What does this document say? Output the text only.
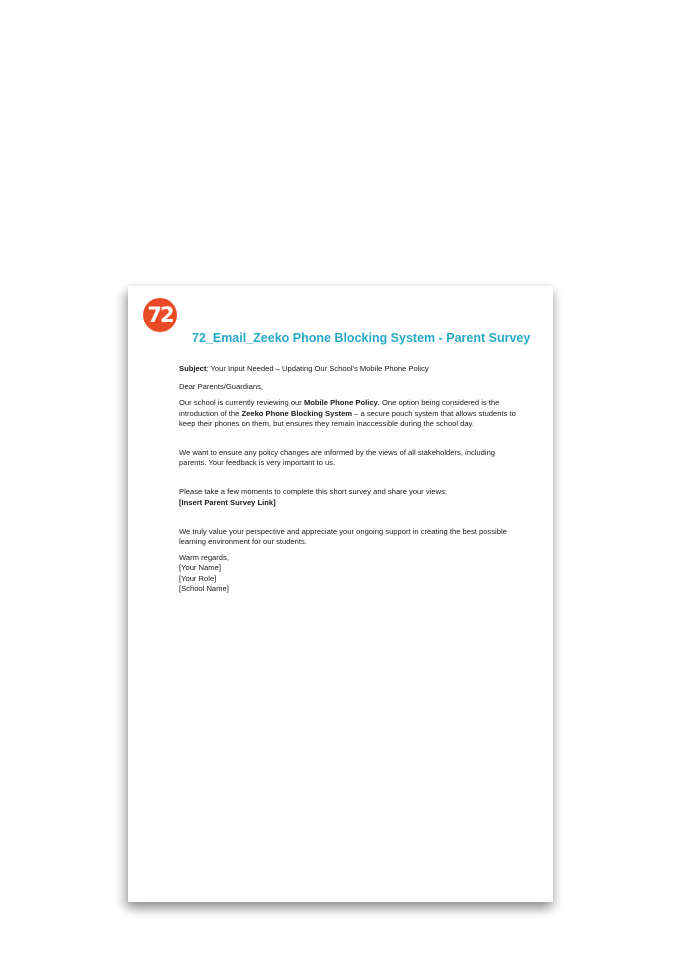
72
72_Email_Zeeko Phone Blocking System - Parent Survey

Subject: Your Input Needed – Updating Our School's Mobile Phone Policy

Dear Parents/Guardians,

Our school is currently reviewing our Mobile Phone Policy. One option being considered is the introduction of the Zeeko Phone Blocking System – a secure pouch system that allows students to keep their phones on them, but ensures they remain inaccessible during the school day.

We want to ensure any policy changes are informed by the views of all stakeholders, including parents. Your feedback is very important to us.

Please take a few moments to complete this short survey and share your views:
[Insert Parent Survey Link]

We truly value your perspective and appreciate your ongoing support in creating the best possible learning environment for our students.

Warm regards,
[Your Name]
[Your Role]
[School Name]
